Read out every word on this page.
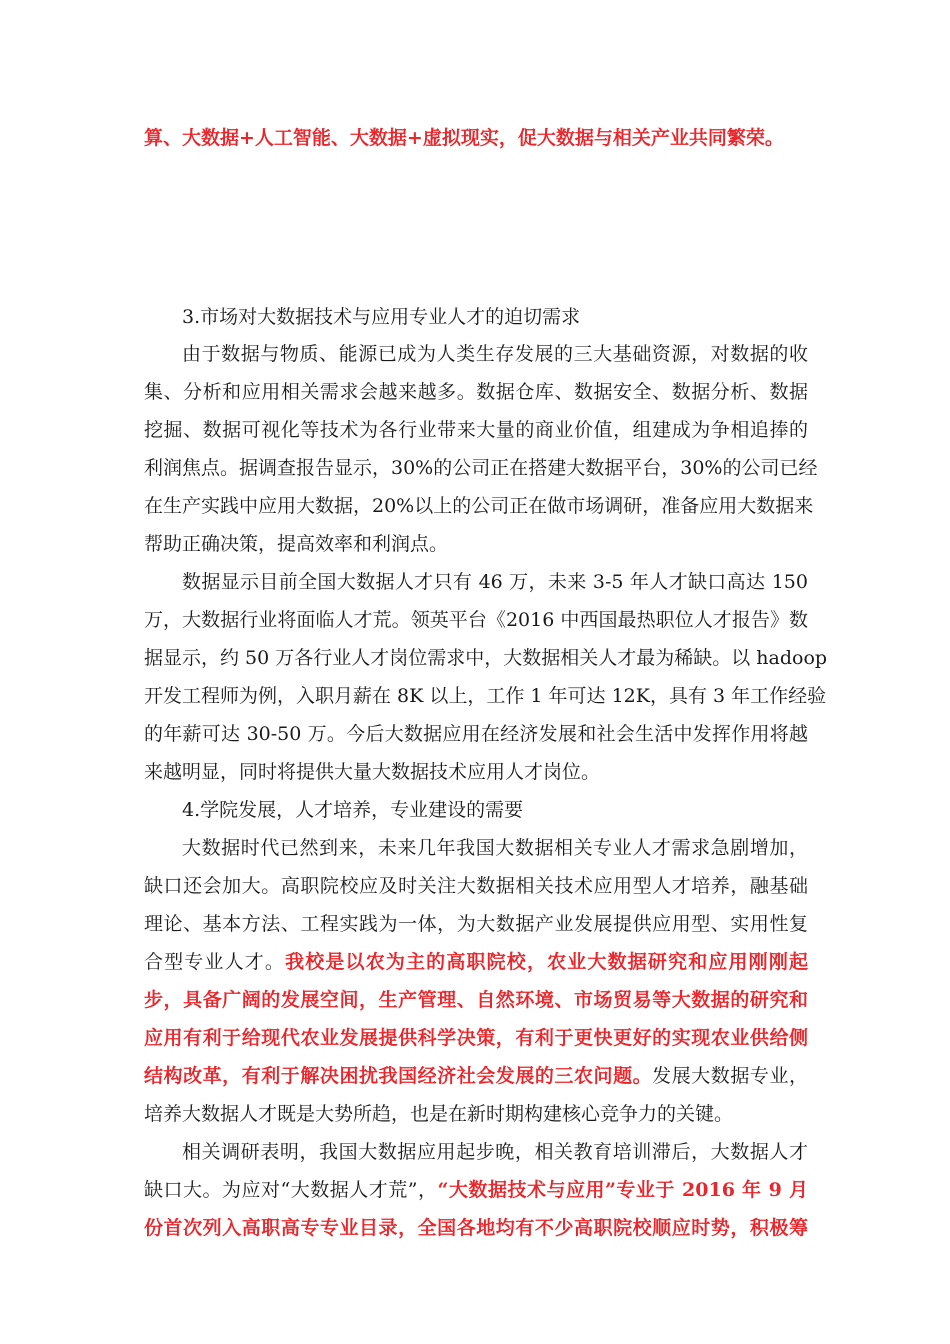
算、大数据+人工智能、大数据+虚拟现实，促大数据与相关产业共同繁荣。
3.市场对大数据技术与应用专业人才的迫切需求
由于数据与物质、能源已成为人类生存发展的三大基础资源，对数据的收
集、分析和应用相关需求会越来越多。数据仓库、数据安全、数据分析、数据
挖掘、数据可视化等技术为各行业带来大量的商业价值，组建成为争相追捧的
利润焦点。据调查报告显示，30%的公司正在搭建大数据平台，30%的公司已经
在生产实践中应用大数据，20%以上的公司正在做市场调研，准备应用大数据来
帮助正确决策，提高效率和利润点。
数据显示目前全国大数据人才只有 46 万，未来 3-5 年人才缺口高达 150
万，大数据行业将面临人才荒。领英平台《2016 中西国最热职位人才报告》数
据显示，约 50 万各行业人才岗位需求中，大数据相关人才最为稀缺。以 hadoop
开发工程师为例，入职月薪在 8K 以上，工作 1 年可达 12K，具有 3 年工作经验
的年薪可达 30-50 万。今后大数据应用在经济发展和社会生活中发挥作用将越
来越明显，同时将提供大量大数据技术应用人才岗位。
4.学院发展，人才培养，专业建设的需要
大数据时代已然到来，未来几年我国大数据相关专业人才需求急剧增加，
缺口还会加大。高职院校应及时关注大数据相关技术应用型人才培养，融基础
理论、基本方法、工程实践为一体，为大数据产业发展提供应用型、实用性复
合型专业人才。我校是以农为主的高职院校，农业大数据研究和应用刚刚起
步，具备广阔的发展空间，生产管理、自然环境、市场贸易等大数据的研究和
应用有利于给现代农业发展提供科学决策，有利于更快更好的实现农业供给侧
结构改革，有利于解决困扰我国经济社会发展的三农问题。发展大数据专业，
培养大数据人才既是大势所趋，也是在新时期构建核心竞争力的关键。
相关调研表明，我国大数据应用起步晚，相关教育培训滞后，大数据人才
缺口大。为应对“大数据人才荒”，“大数据技术与应用”专业于 2016 年 9 月
份首次列入高职高专专业目录，全国各地均有不少高职院校顺应时势，积极筹
